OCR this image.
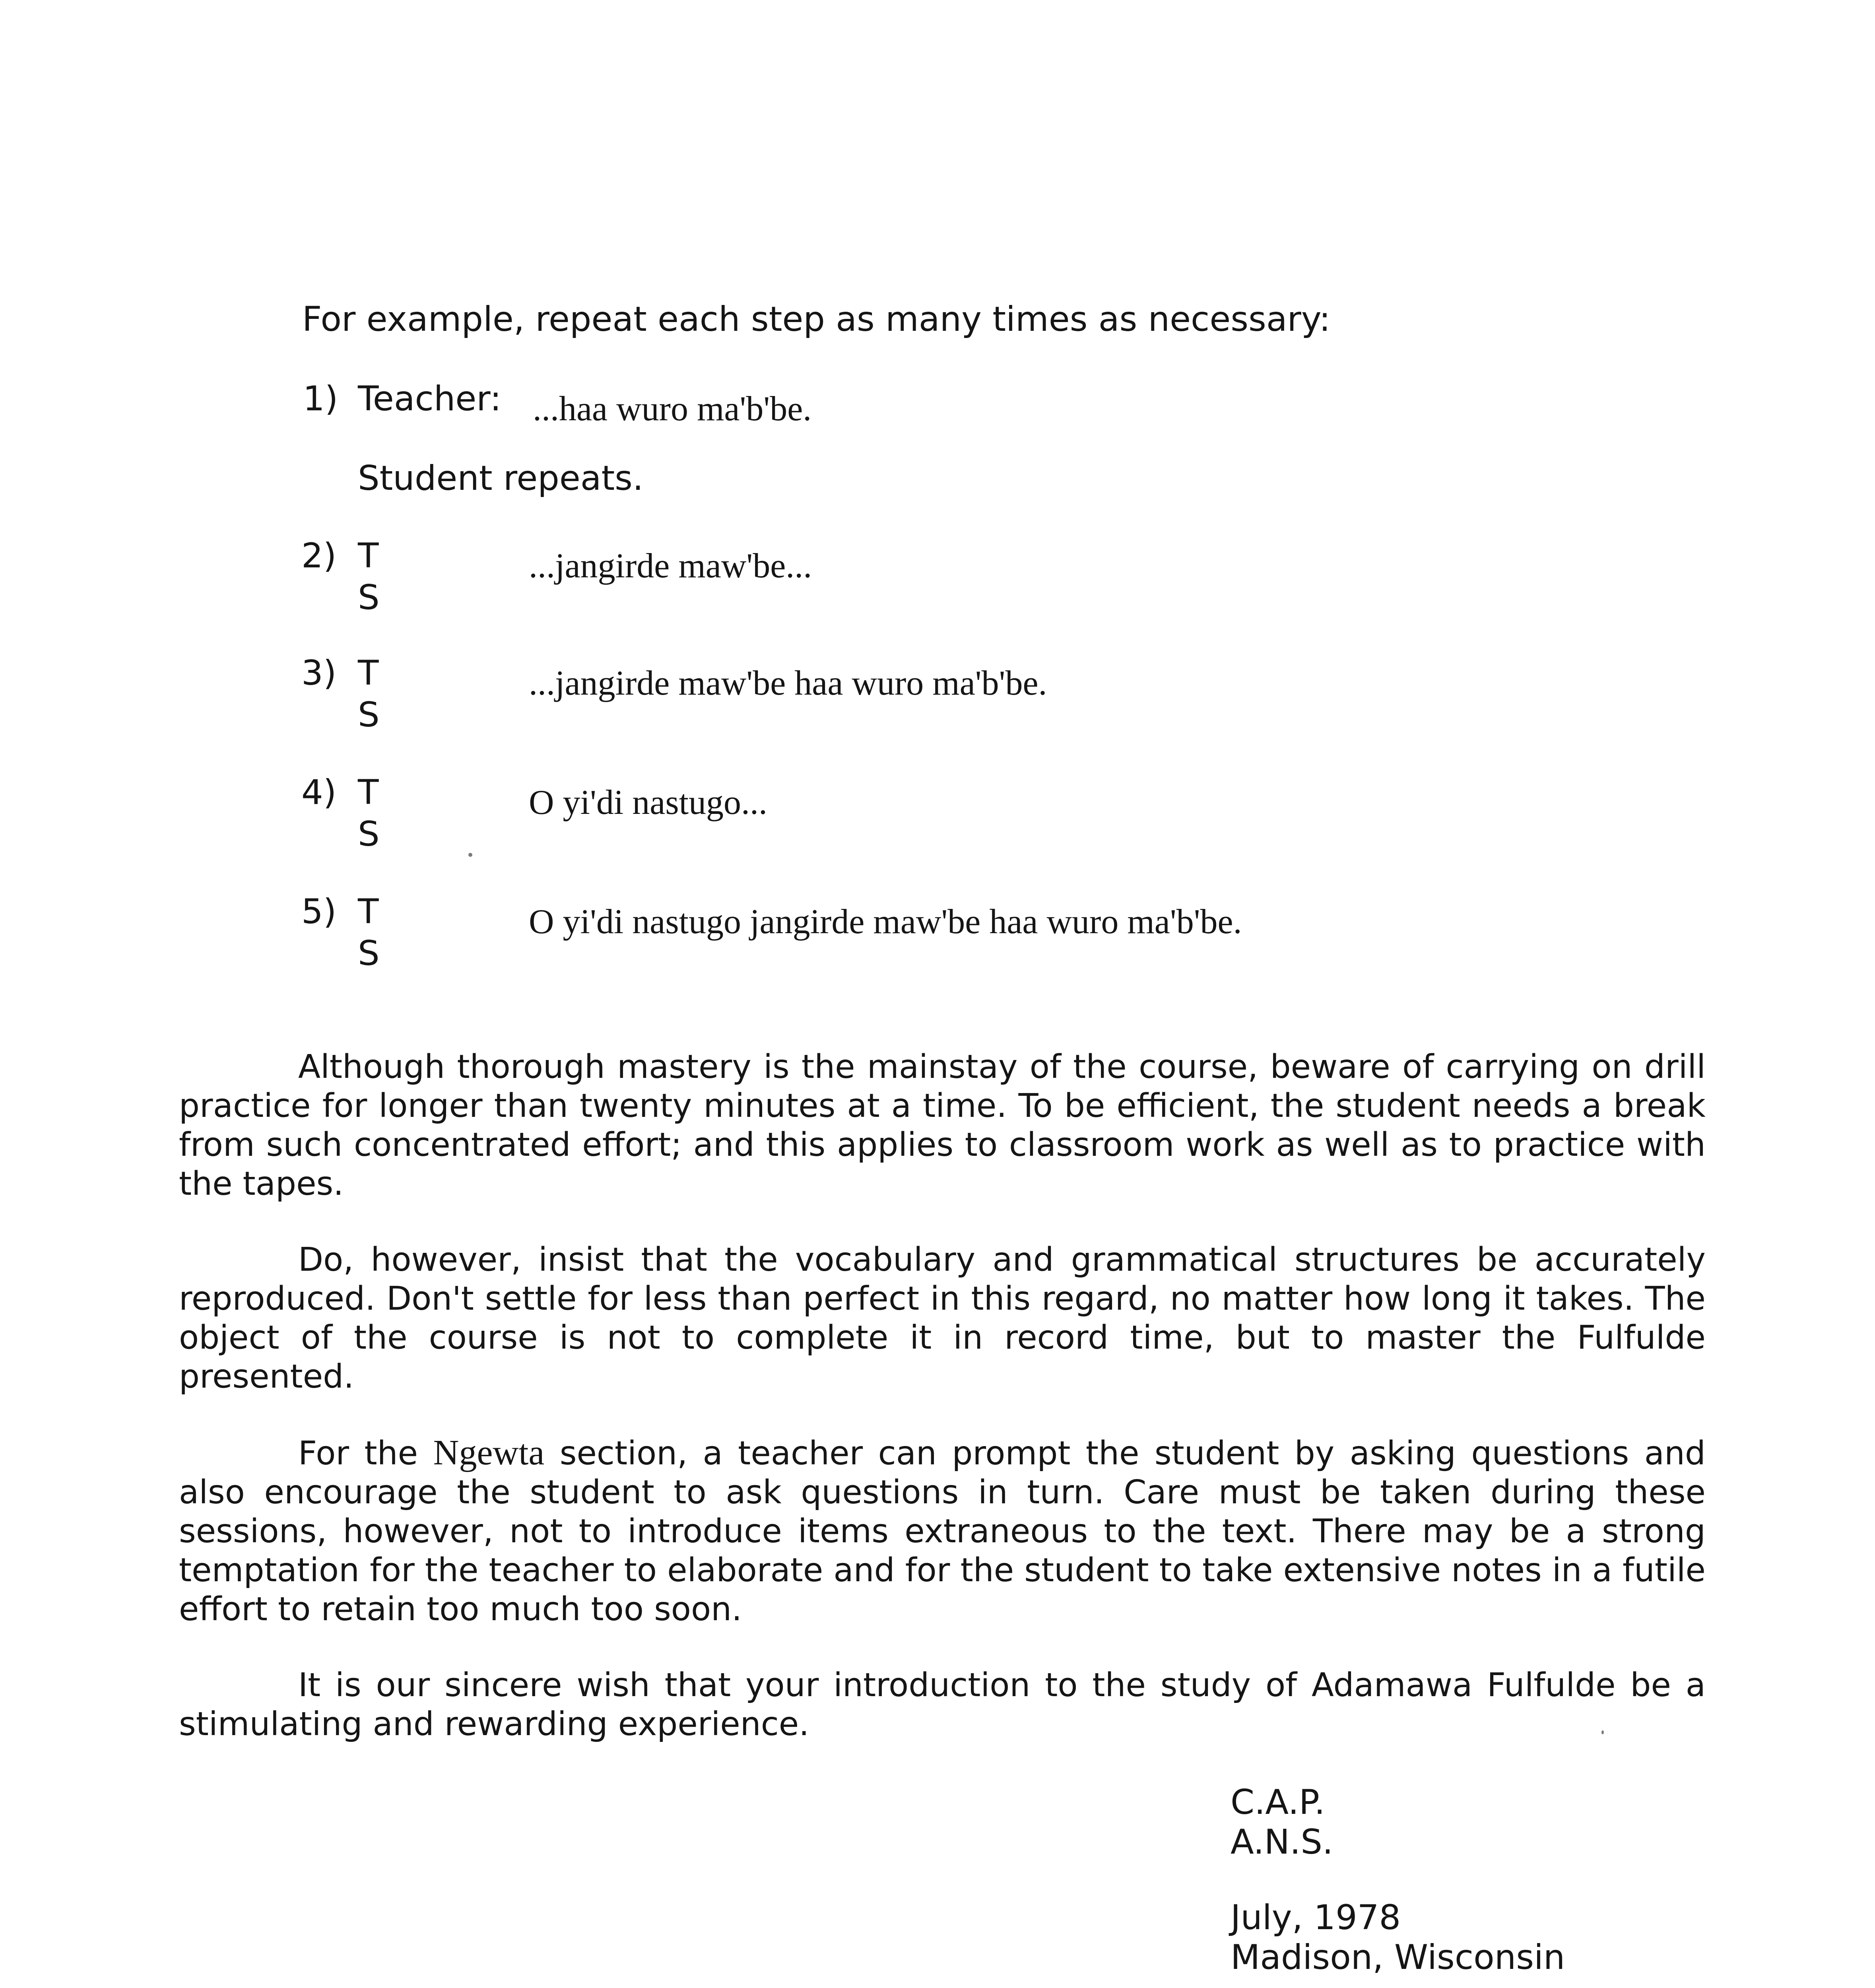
For example, repeat each step as many times as necessary:
1) Teacher: ...haa wuro ma'b'be.
Student repeats.
2) T
S
...jangirde maw'be...
3) T
S
...jangirde maw'be haa wuro ma'b'be.
4) T
S
O yi'di nastugo...
5) T
S
O yi'di nastugo jangirde maw'be haa wuro ma'b'be.

Although thorough mastery is the mainstay of the course, beware of carrying on drill practice for longer than twenty minutes at a time. To be efficient, the student needs a break from such concentrated effort; and this applies to classroom work as well as to practice with the tapes.

Do, however, insist that the vocabulary and grammatical structures be accurately reproduced. Don't settle for less than perfect in this regard, no matter how long it takes. The object of the course is not to complete it in record time, but to master the Fulfulde presented.

For the Ngewta section, a teacher can prompt the student by asking questions and also encourage the student to ask questions in turn. Care must be taken during these sessions, however, not to introduce items extraneous to the text. There may be a strong temptation for the teacher to elaborate and for the student to take extensive notes in a futile effort to retain too much too soon.

It is our sincere wish that your introduction to the study of Adamawa Fulfulde be a stimulating and rewarding experience.

C.A.P.
A.N.S.
July, 1978
Madison, Wisconsin
